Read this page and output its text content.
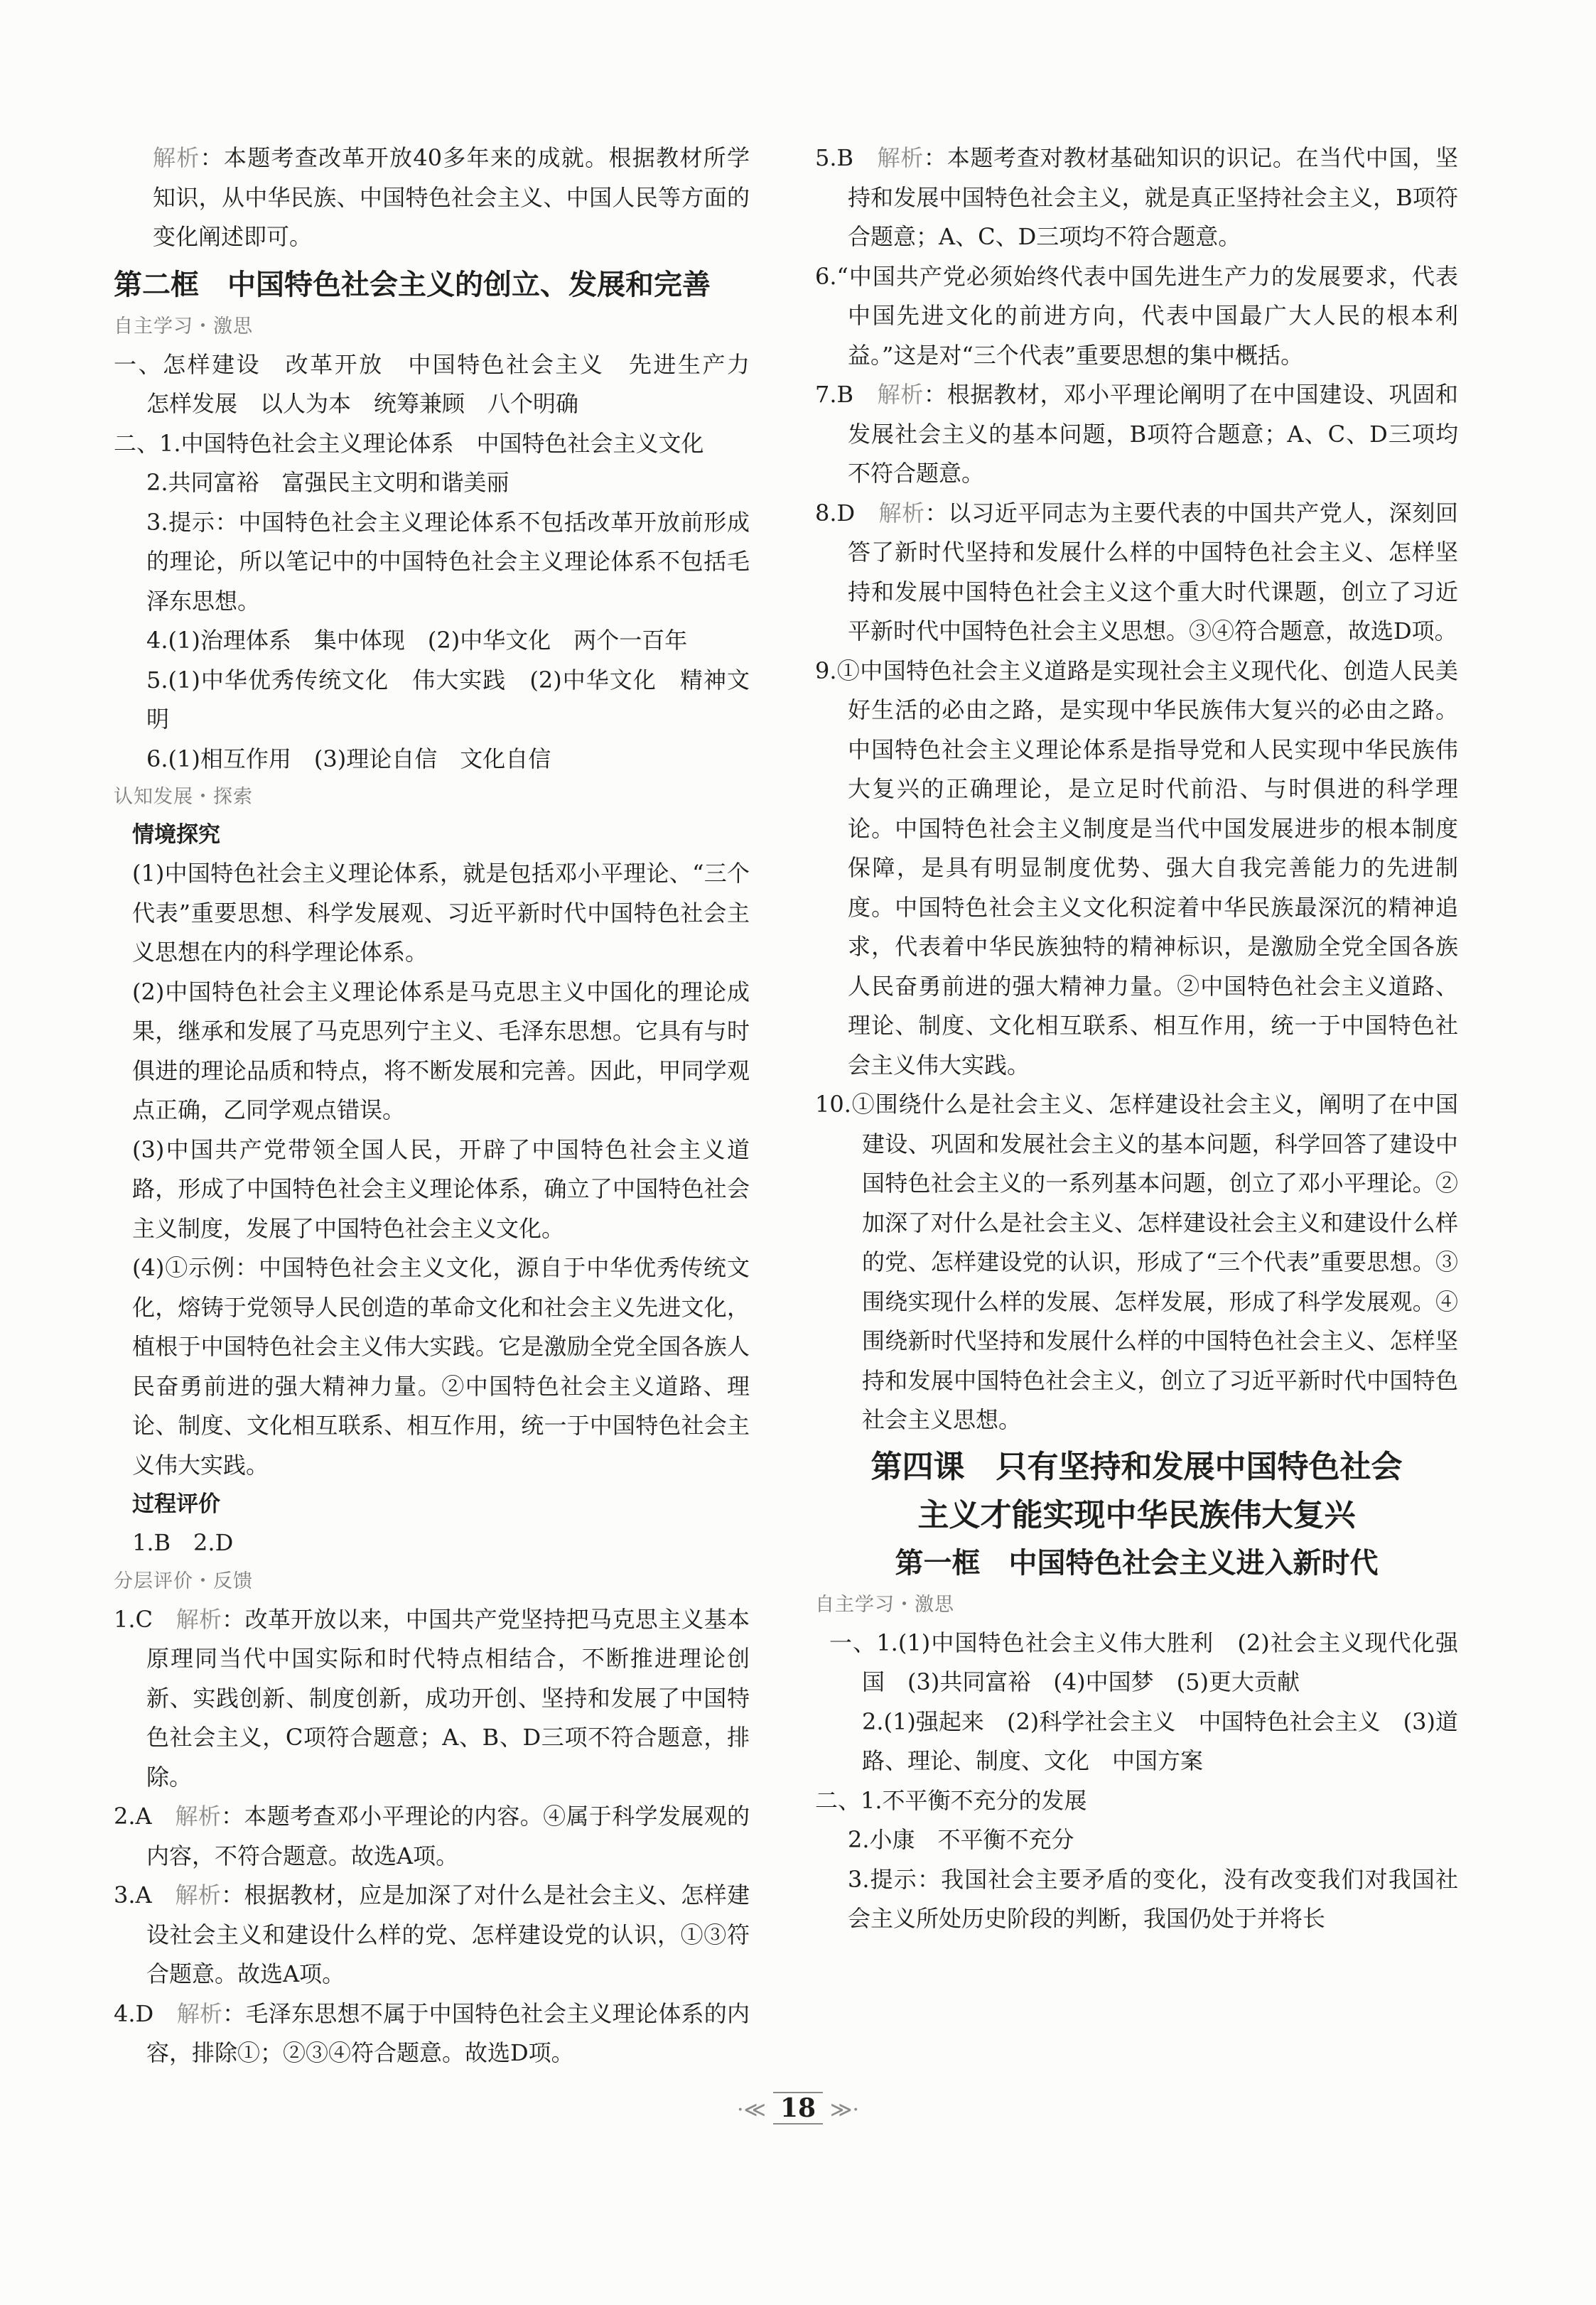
解析：本题考查改革开放40多年来的成就。根据教材所学知识，从中华民族、中国特色社会主义、中国人民等方面的变化阐述即可。

第二框　中国特色社会主义的创立、发展和完善

自主学习・激思

一、怎样建设　改革开放　中国特色社会主义　先进生产力　怎样发展　以人为本　统筹兼顾　八个明确

二、1.中国特色社会主义理论体系　中国特色社会主义文化

2.共同富裕　富强民主文明和谐美丽

3.提示：中国特色社会主义理论体系不包括改革开放前形成的理论，所以笔记中的中国特色社会主义理论体系不包括毛泽东思想。

4.(1)治理体系　集中体现　(2)中华文化　两个一百年

5.(1)中华优秀传统文化　伟大实践　(2)中华文化　精神文明

6.(1)相互作用　(3)理论自信　文化自信

认知发展・探索

情境探究

(1)中国特色社会主义理论体系，就是包括邓小平理论、“三个代表”重要思想、科学发展观、习近平新时代中国特色社会主义思想在内的科学理论体系。

(2)中国特色社会主义理论体系是马克思主义中国化的理论成果，继承和发展了马克思列宁主义、毛泽东思想。它具有与时俱进的理论品质和特点，将不断发展和完善。因此，甲同学观点正确，乙同学观点错误。

(3)中国共产党带领全国人民，开辟了中国特色社会主义道路，形成了中国特色社会主义理论体系，确立了中国特色社会主义制度，发展了中国特色社会主义文化。

(4)①示例：中国特色社会主义文化，源自于中华优秀传统文化，熔铸于党领导人民创造的革命文化和社会主义先进文化，植根于中国特色社会主义伟大实践。它是激励全党全国各族人民奋勇前进的强大精神力量。②中国特色社会主义道路、理论、制度、文化相互联系、相互作用，统一于中国特色社会主义伟大实践。

过程评价

1.B　2.D

分层评价・反馈

1.C　解析：改革开放以来，中国共产党坚持把马克思主义基本原理同当代中国实际和时代特点相结合，不断推进理论创新、实践创新、制度创新，成功开创、坚持和发展了中国特色社会主义，C项符合题意；A、B、D三项不符合题意，排除。

2.A　解析：本题考查邓小平理论的内容。④属于科学发展观的内容，不符合题意。故选A项。

3.A　解析：根据教材，应是加深了对什么是社会主义、怎样建设社会主义和建设什么样的党、怎样建设党的认识，①③符合题意。故选A项。

4.D　解析：毛泽东思想不属于中国特色社会主义理论体系的内容，排除①；②③④符合题意。故选D项。

5.B　解析：本题考查对教材基础知识的识记。在当代中国，坚持和发展中国特色社会主义，就是真正坚持社会主义，B项符合题意；A、C、D三项均不符合题意。

6.“中国共产党必须始终代表中国先进生产力的发展要求，代表中国先进文化的前进方向，代表中国最广大人民的根本利益。”这是对“三个代表”重要思想的集中概括。

7.B　解析：根据教材，邓小平理论阐明了在中国建设、巩固和发展社会主义的基本问题，B项符合题意；A、C、D三项均不符合题意。

8.D　解析：以习近平同志为主要代表的中国共产党人，深刻回答了新时代坚持和发展什么样的中国特色社会主义、怎样坚持和发展中国特色社会主义这个重大时代课题，创立了习近平新时代中国特色社会主义思想。③④符合题意，故选D项。

9.①中国特色社会主义道路是实现社会主义现代化、创造人民美好生活的必由之路，是实现中华民族伟大复兴的必由之路。中国特色社会主义理论体系是指导党和人民实现中华民族伟大复兴的正确理论，是立足时代前沿、与时俱进的科学理论。中国特色社会主义制度是当代中国发展进步的根本制度保障，是具有明显制度优势、强大自我完善能力的先进制度。中国特色社会主义文化积淀着中华民族最深沉的精神追求，代表着中华民族独特的精神标识，是激励全党全国各族人民奋勇前进的强大精神力量。②中国特色社会主义道路、理论、制度、文化相互联系、相互作用，统一于中国特色社会主义伟大实践。

10.①围绕什么是社会主义、怎样建设社会主义，阐明了在中国建设、巩固和发展社会主义的基本问题，科学回答了建设中国特色社会主义的一系列基本问题，创立了邓小平理论。②加深了对什么是社会主义、怎样建设社会主义和建设什么样的党、怎样建设党的认识，形成了“三个代表”重要思想。③围绕实现什么样的发展、怎样发展，形成了科学发展观。④围绕新时代坚持和发展什么样的中国特色社会主义、怎样坚持和发展中国特色社会主义，创立了习近平新时代中国特色社会主义思想。

第四课　只有坚持和发展中国特色社会

主义才能实现中华民族伟大复兴

第一框　中国特色社会主义进入新时代

自主学习・激思

一、1.(1)中国特色社会主义伟大胜利　(2)社会主义现代化强国　(3)共同富裕　(4)中国梦　(5)更大贡献

2.(1)强起来　(2)科学社会主义　中国特色社会主义　(3)道路、理论、制度、文化　中国方案

二、1.不平衡不充分的发展

2.小康　不平衡不充分

3.提示：我国社会主要矛盾的变化，没有改变我们对我国社会主义所处历史阶段的判断，我国仍处于并将长

·≪ 18 ≫·
